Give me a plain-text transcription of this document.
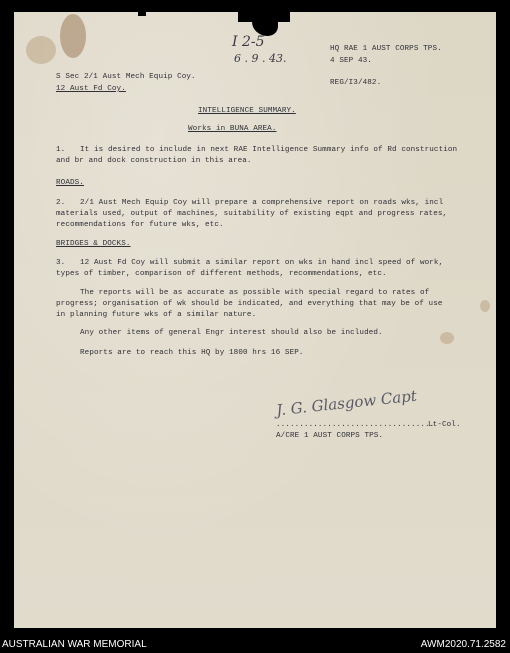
I 2-5
6 . 9 . 43.
HQ RAE 1 AUST CORPS TPS.
4 SEP 43.
REG/I3/482.
S Sec 2/1 Aust Mech Equip Coy.
12 Aust Fd Coy.
INTELLIGENCE SUMMARY.
Works in BUNA AREA.
1. It is desired to include in next RAE Intelligence Summary info of Rd construction
and br and dock construction in this area.
ROADS.
2. 2/1 Aust Mech Equip Coy will prepare a comprehensive report on roads wks, incl
materials used, output of machines, suitability of existing eqpt and progress rates,
recommendations for future wks, etc.
BRIDGES & DOCKS.
3. 12 Aust Fd Coy will submit a similar report on wks in hand incl speed of work,
types of timber, comparison of different methods, recommendations, etc.
The reports will be as accurate as possible with special regard to rates of
progress; organisation of wk should be indicated, and everything that may be of use
in planning future wks of a similar nature.
Any other items of general Engr interest should also be included.
Reports are to reach this HQ by 1800 hrs 16 SEP.
J. G. Glasgow Capt
..................................
Lt-Col.
A/CRE 1 AUST CORPS TPS.
AUSTRALIAN WAR MEMORIAL	AWM2020.71.2582
